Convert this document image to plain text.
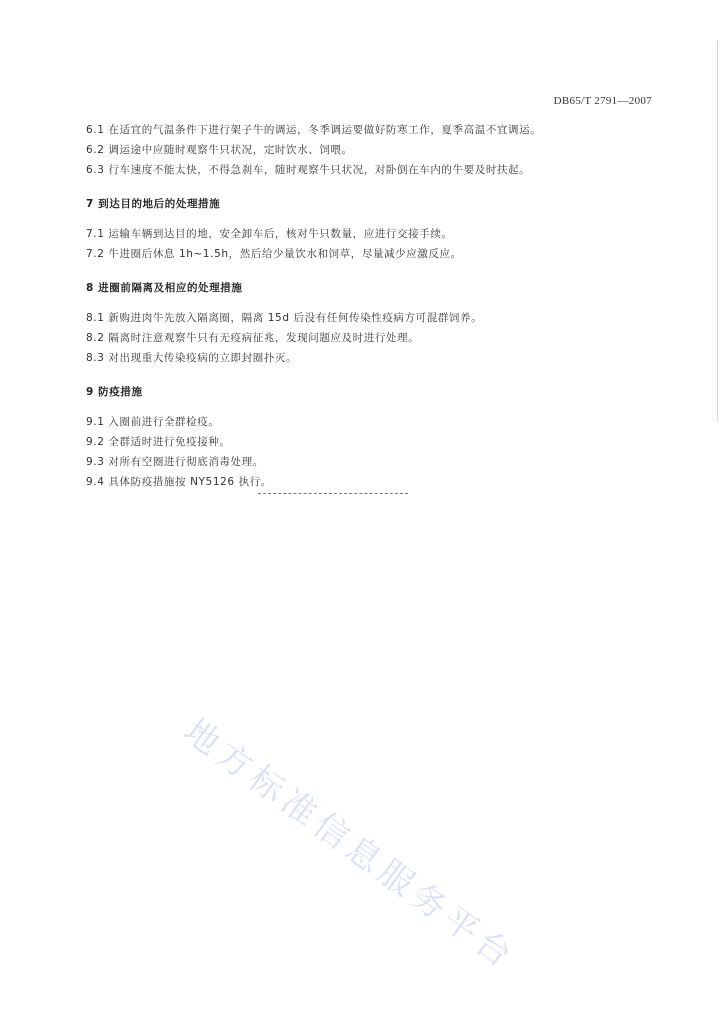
DB65/T 2791—2007
6.1 在适宜的气温条件下进行架子牛的调运，冬季调运要做好防寒工作，夏季高温不宜调运。
6.2 调运途中应随时观察牛只状况，定时饮水、饲喂。
6.3 行车速度不能太快，不得急刹车，随时观察牛只状况，对卧倒在车内的牛要及时扶起。
7 到达目的地后的处理措施
7.1 运输车辆到达目的地，安全卸车后，核对牛只数量，应进行交接手续。
7.2 牛进圈后休息 1h~1.5h，然后给少量饮水和饲草，尽量减少应激反应。
8 进圈前隔离及相应的处理措施
8.1 新购进肉牛先放入隔离圈，隔离 15d 后没有任何传染性疫病方可混群饲养。
8.2 隔离时注意观察牛只有无疫病征兆，发现问题应及时进行处理。
8.3 对出现重大传染疫病的立即封圈扑灭。
9 防疫措施
9.1 入圈前进行全群检疫。
9.2 全群适时进行免疫接种。
9.3 对所有空圈进行彻底消毒处理。
9.4 具体防疫措施按 NY5126 执行。
地方标准信息服务平台
